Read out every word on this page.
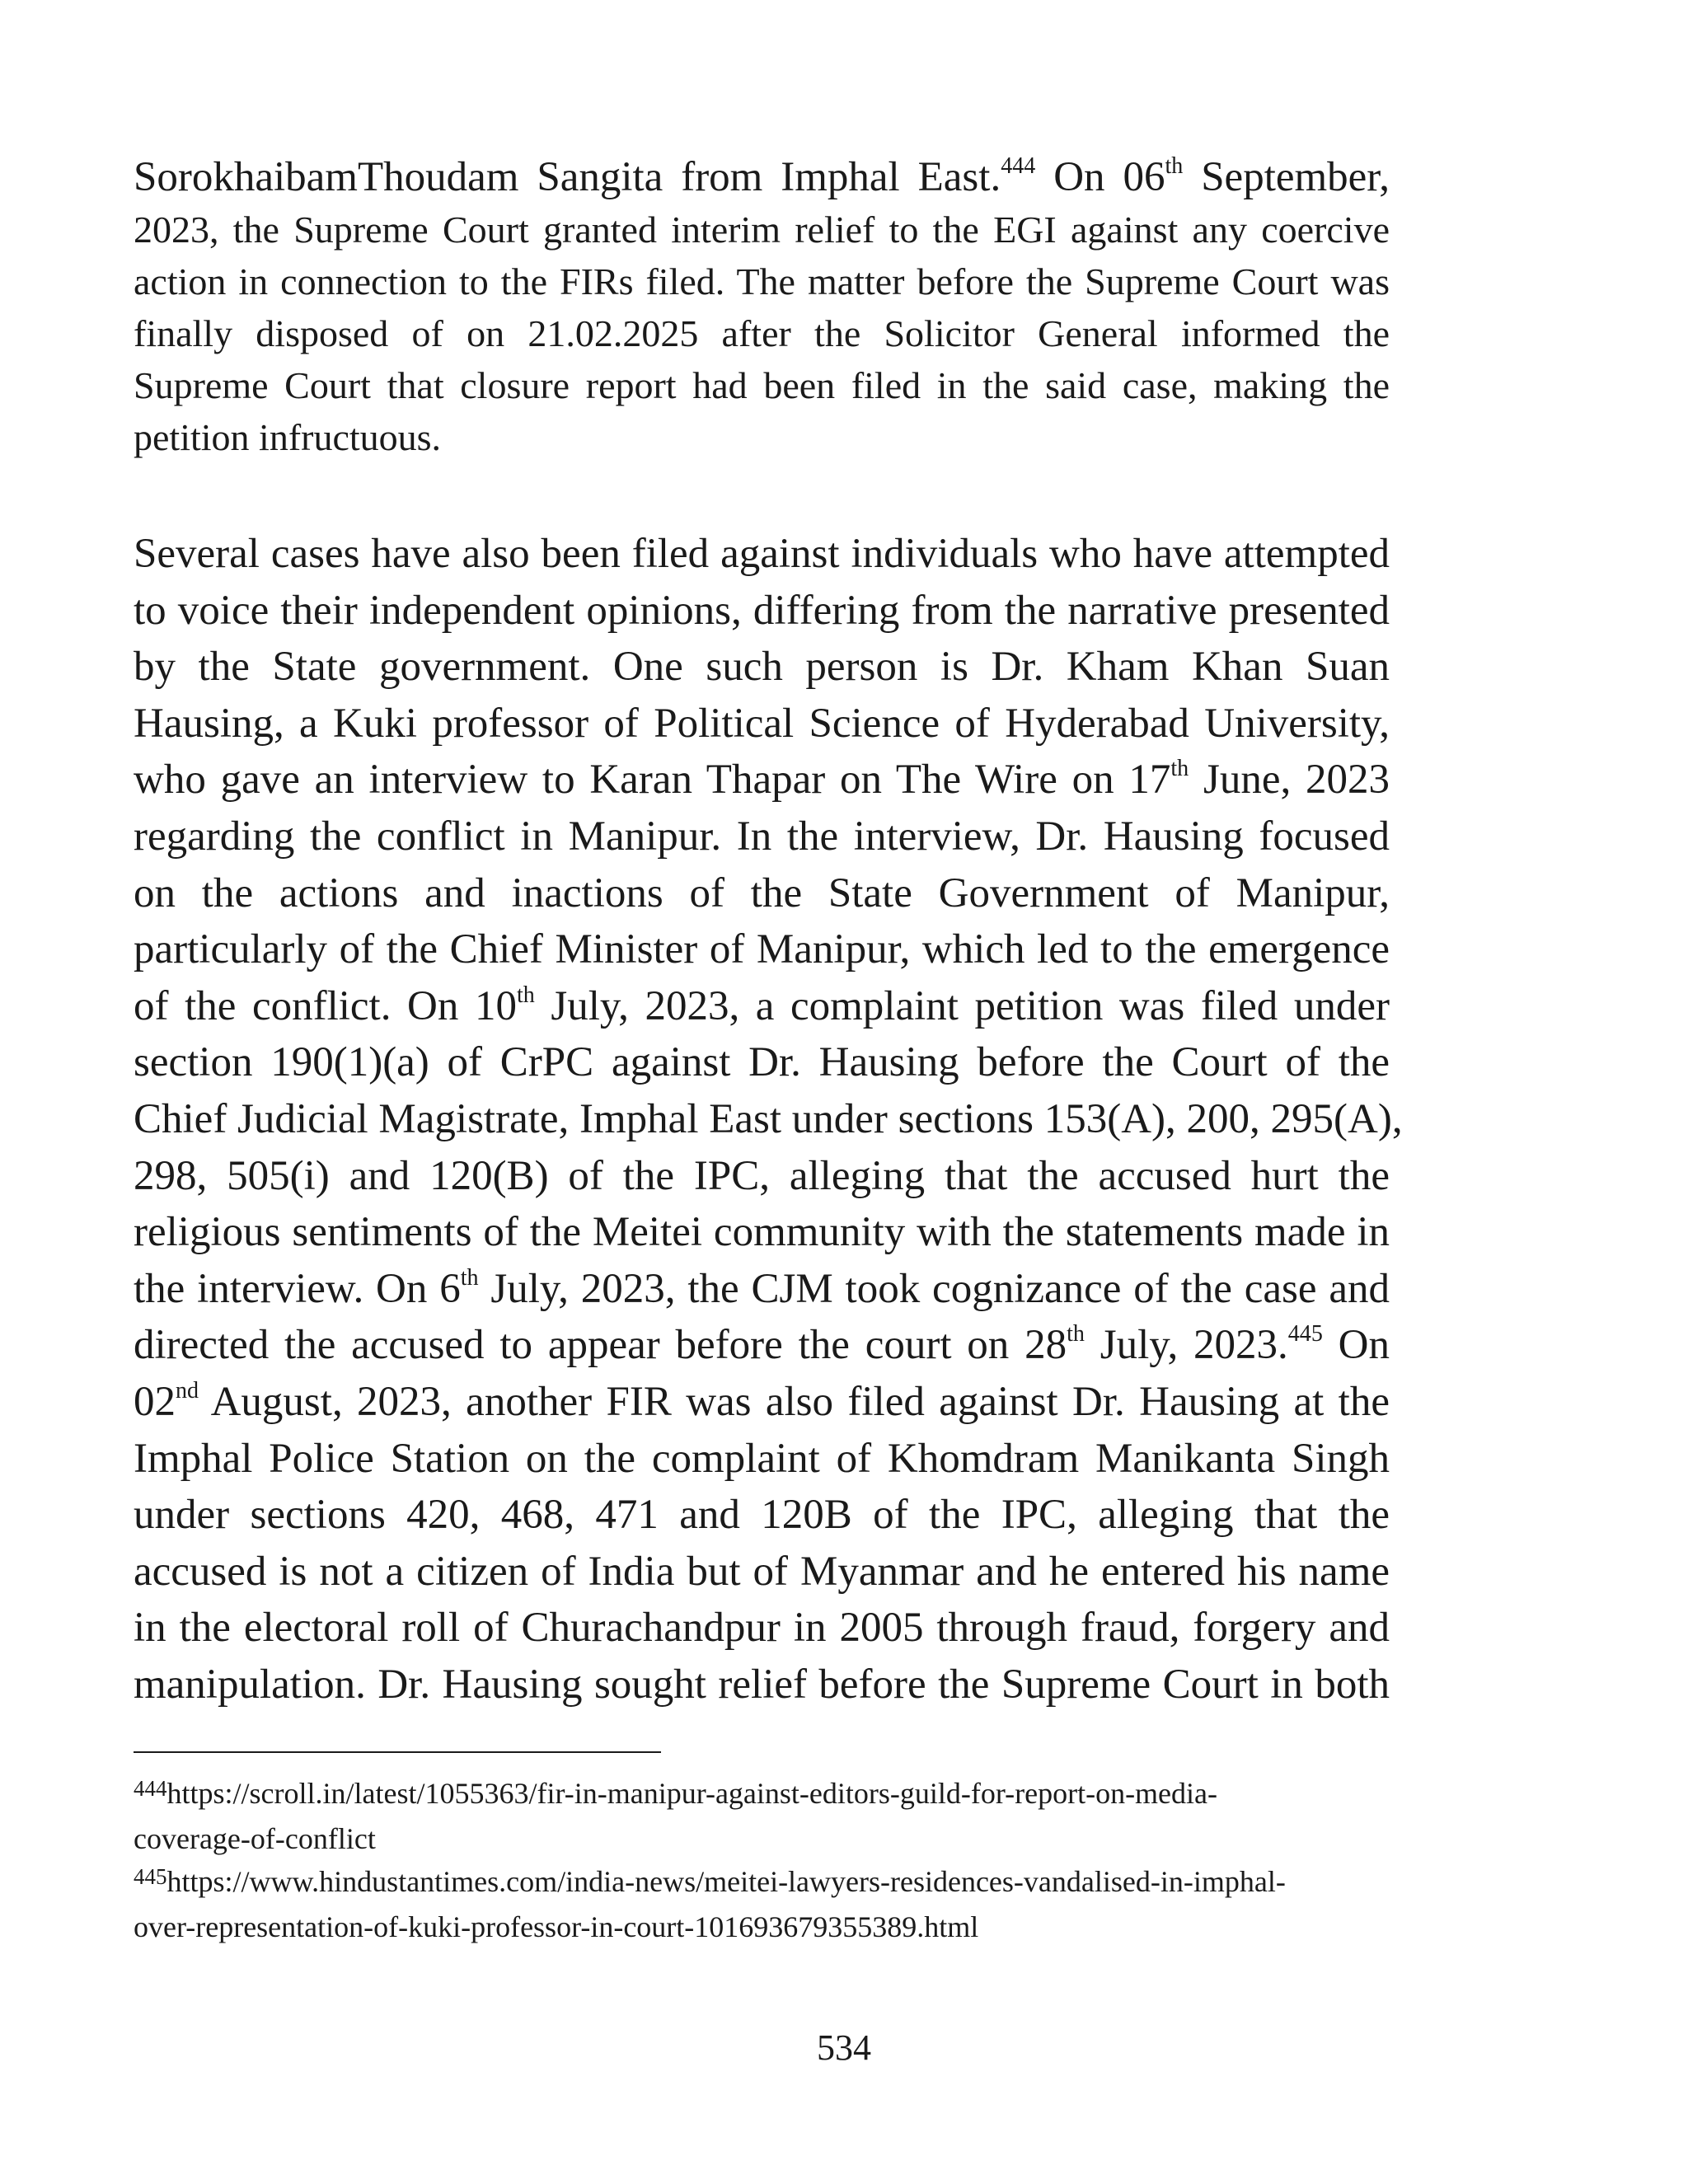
SorokhaibamThoudam Sangita from Imphal East.$^{444}$ On 06th September,
2023, the Supreme Court granted interim relief to the EGI against any coercive
action in connection to the FIRs filed. The matter before the Supreme Court was
finally disposed of on 21.02.2025 after the Solicitor General informed the
Supreme Court that closure report had been filed in the said case, making the
petition infructuous.
Several cases have also been filed against individuals who have attempted
to voice their independent opinions, differing from the narrative presented
by the State government. One such person is Dr. Kham Khan Suan
Hausing, a Kuki professor of Political Science of Hyderabad University,
who gave an interview to Karan Thapar on The Wire on 17th June, 2023
regarding the conflict in Manipur. In the interview, Dr. Hausing focused
on the actions and inactions of the State Government of Manipur,
particularly of the Chief Minister of Manipur, which led to the emergence
of the conflict. On 10th July, 2023, a complaint petition was filed under
section 190(1)(a) of CrPC against Dr. Hausing before the Court of the
Chief Judicial Magistrate, Imphal East under sections 153(A), 200, 295(A),
298, 505(i) and 120(B) of the IPC, alleging that the accused hurt the
religious sentiments of the Meitei community with the statements made in
the interview. On 6th July, 2023, the CJM took cognizance of the case and
directed the accused to appear before the court on 28th July, 2023.$^{445}$ On
02nd August, 2023, another FIR was also filed against Dr. Hausing at the
Imphal Police Station on the complaint of Khomdram Manikanta Singh
under sections 420, 468, 471 and 120B of the IPC, alleging that the
accused is not a citizen of India but of Myanmar and he entered his name
in the electoral roll of Churachandpur in 2005 through fraud, forgery and
manipulation. Dr. Hausing sought relief before the Supreme Court in both
$^{444}$https://scroll.in/latest/1055363/fir-in-manipur-against-editors-guild-for-report-on-media-
coverage-of-conflict
$^{445}$https://www.hindustantimes.com/india-news/meitei-lawyers-residences-vandalised-in-imphal-
over-representation-of-kuki-professor-in-court-101693679355389.html
534
